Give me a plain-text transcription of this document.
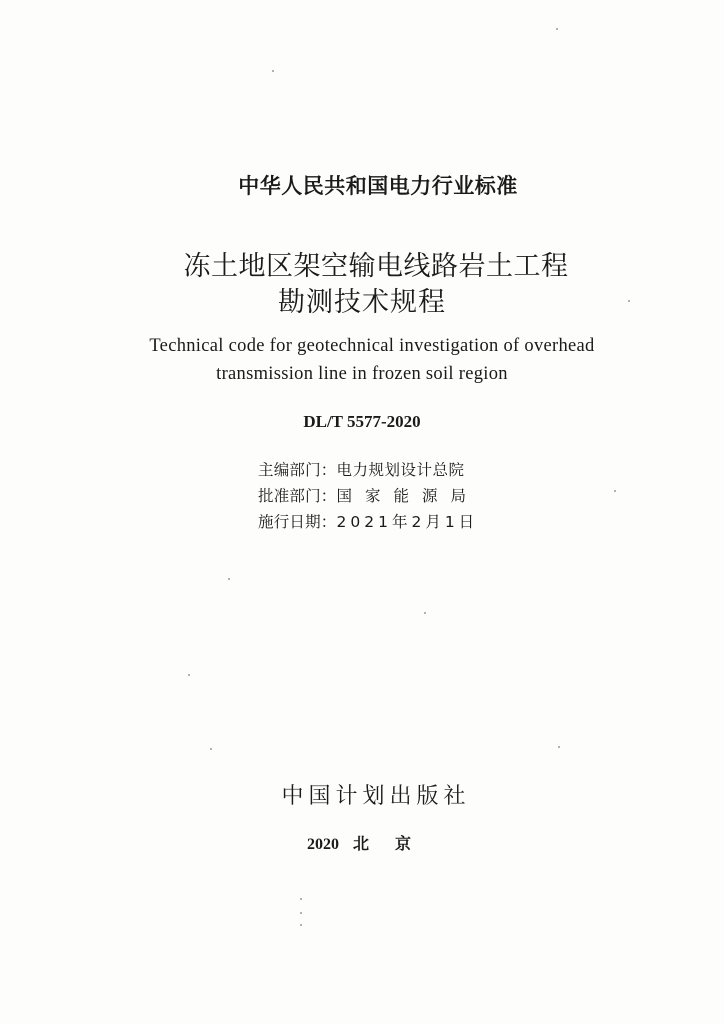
中华人民共和国电力行业标准
冻土地区架空输电线路岩土工程
勘测技术规程
Technical code for geotechnical investigation of overhead
transmission line in frozen soil region
DL/T 5577-2020
主编部门：电力规划设计总院
批准部门：国家能源局
施行日期：2021年2月1日
中国计划出版社
2020 北京
